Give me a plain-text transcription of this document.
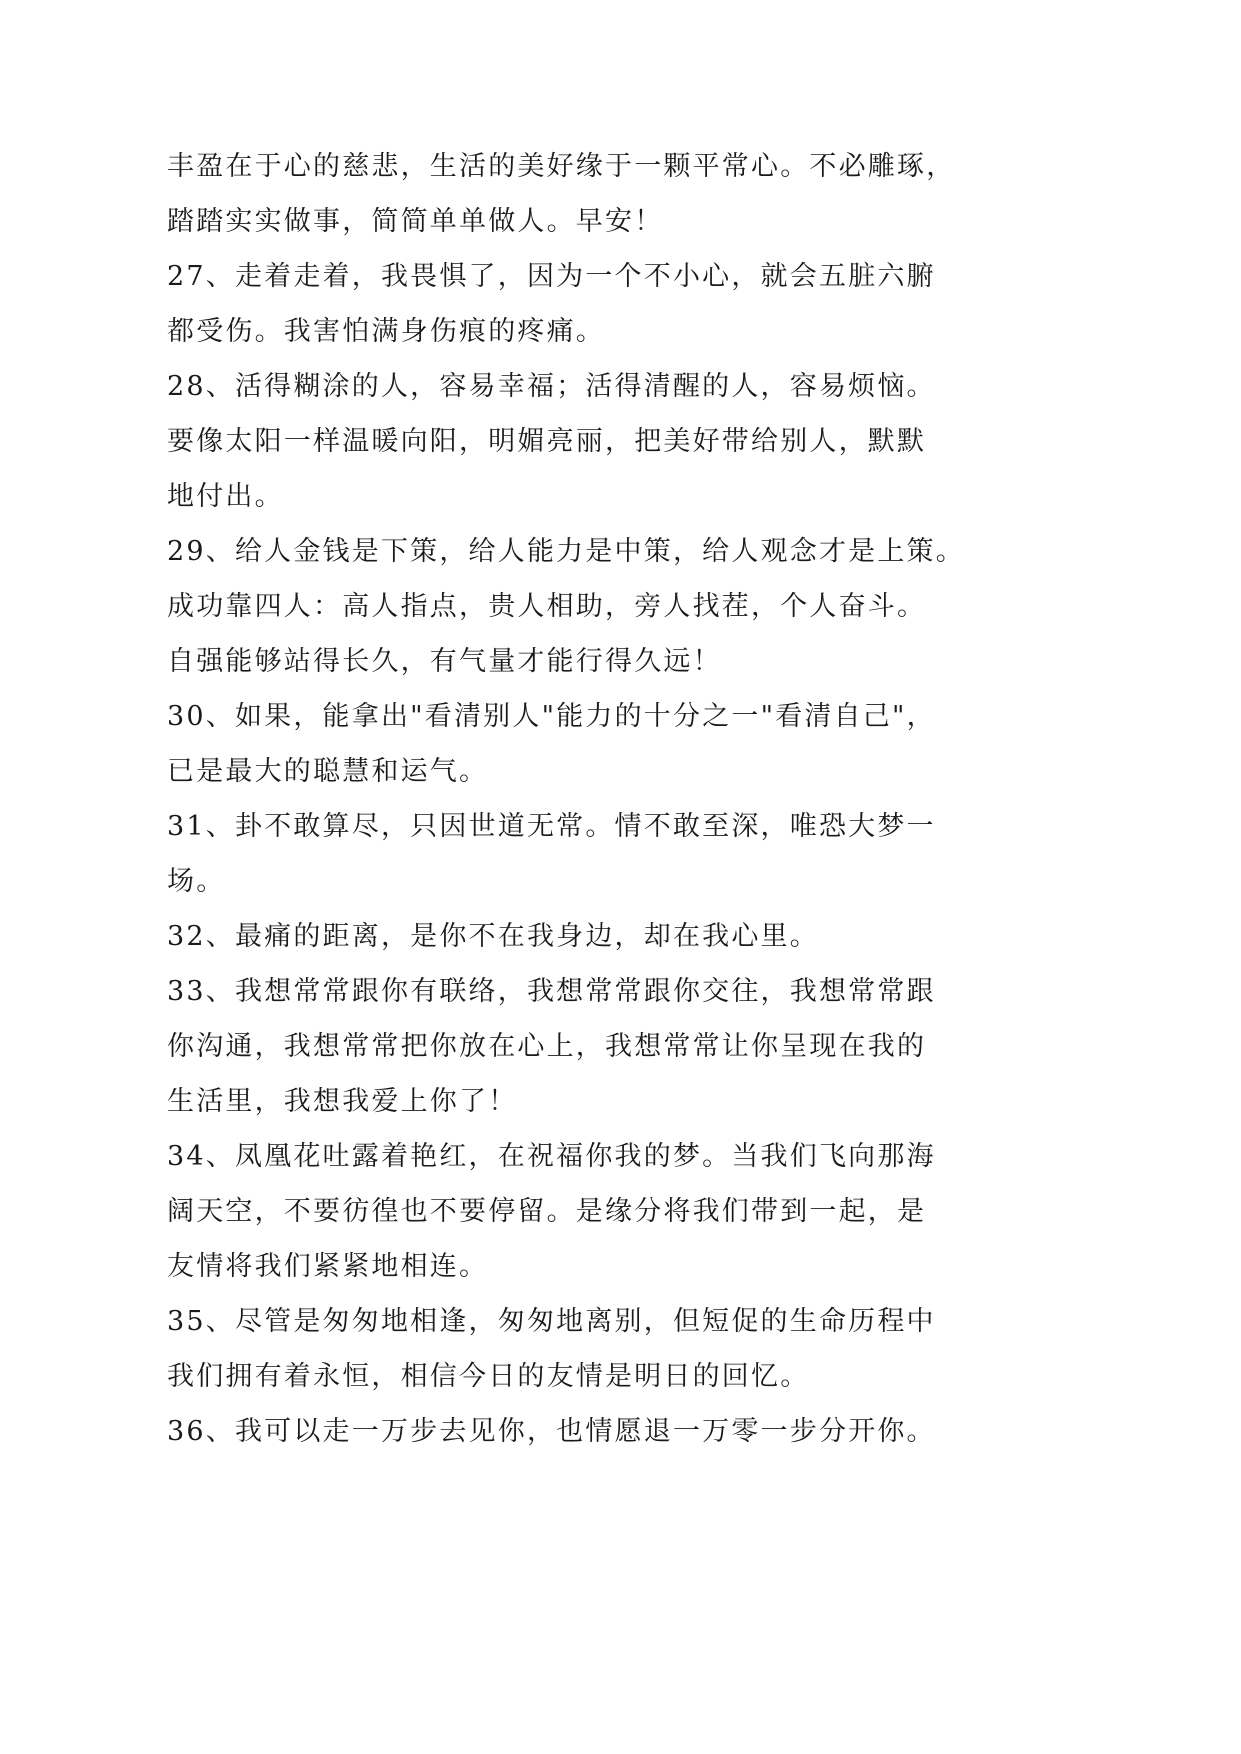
丰盈在于心的慈悲，生活的美好缘于一颗平常心。不必雕琢，
踏踏实实做事，简简单单做人。早安！
27、走着走着，我畏惧了，因为一个不小心，就会五脏六腑
都受伤。我害怕满身伤痕的疼痛。
28、活得糊涂的人，容易幸福；活得清醒的人，容易烦恼。
要像太阳一样温暖向阳，明媚亮丽，把美好带给别人，默默
地付出。
29、给人金钱是下策，给人能力是中策，给人观念才是上策。
成功靠四人：高人指点，贵人相助，旁人找茬，个人奋斗。
自强能够站得长久，有气量才能行得久远！
30、如果，能拿出"看清别人"能力的十分之一"看清自己"，
已是最大的聪慧和运气。
31、卦不敢算尽，只因世道无常。情不敢至深，唯恐大梦一
场。
32、最痛的距离，是你不在我身边，却在我心里。
33、我想常常跟你有联络，我想常常跟你交往，我想常常跟
你沟通，我想常常把你放在心上，我想常常让你呈现在我的
生活里，我想我爱上你了！
34、凤凰花吐露着艳红，在祝福你我的梦。当我们飞向那海
阔天空，不要彷徨也不要停留。是缘分将我们带到一起，是
友情将我们紧紧地相连。
35、尽管是匆匆地相逢，匆匆地离别，但短促的生命历程中
我们拥有着永恒，相信今日的友情是明日的回忆。
36、我可以走一万步去见你，也情愿退一万零一步分开你。
